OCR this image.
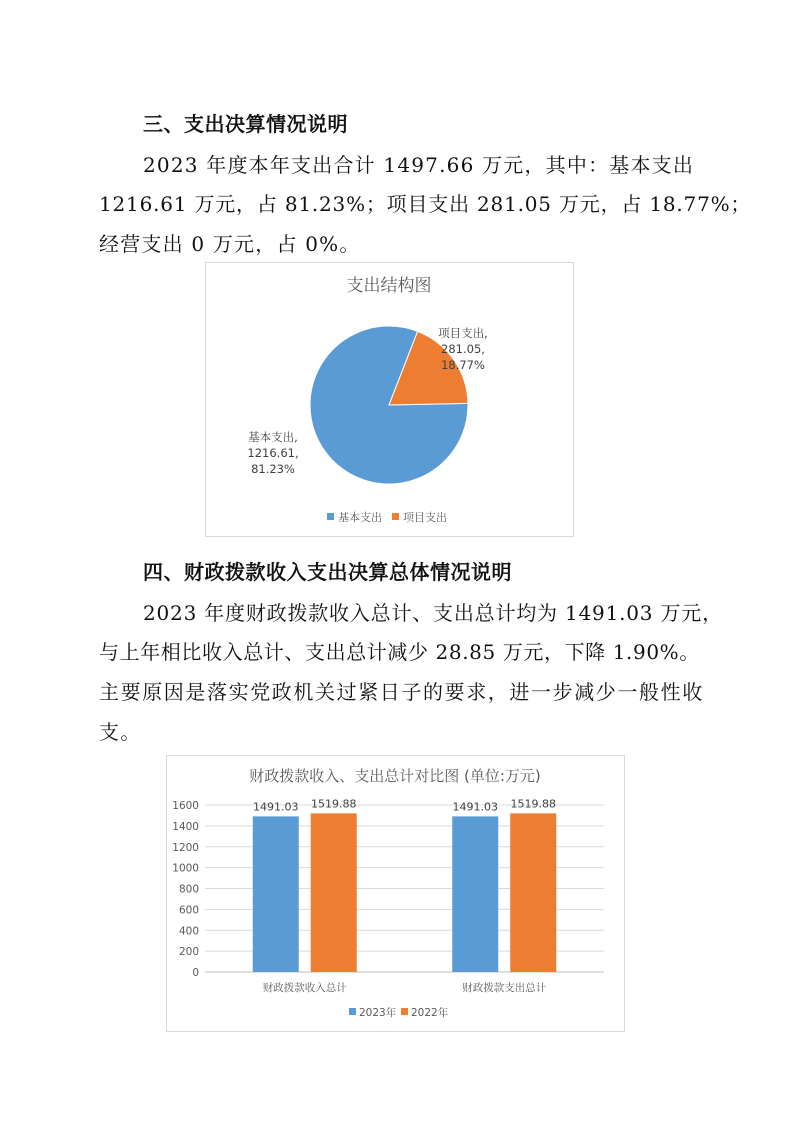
三、支出决算情况说明
2023 年度本年支出合计 1497.66 万元，其中：基本支出
1216.61 万元，占 81.23%；项目支出 281.05 万元，占 18.77%；
经营支出 0 万元，占 0%。
支出结构图
项目支出,
281.05,
18.77%
基本支出,
1216.61,
81.23%
基本支出 项目支出
四、财政拨款收入支出决算总体情况说明
2023 年度财政拨款收入总计、支出总计均为 1491.03 万元，
与上年相比收入总计、支出总计减少 28.85 万元，下降 1.90%。
主要原因是落实党政机关过紧日子的要求，进一步减少一般性收
支。
财政拨款收入、支出总计对比图 (单位:万元)
0
200
400
600
800
1000
1200
1400
1600	1491.03 1519.88	1491.03 1519.88
财政拨款收入总计	财政拨款支出总计
2023年 2022年
